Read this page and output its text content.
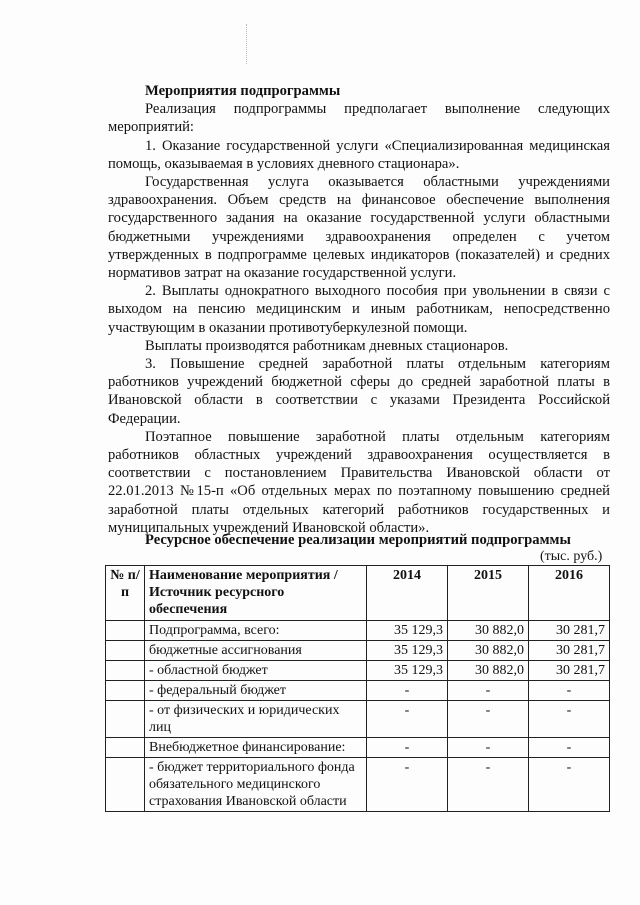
Мероприятия подпрограммы

Реализация подпрограммы предполагает выполнение следующих мероприятий:

1. Оказание государственной услуги «Специализированная медицинская помощь, оказываемая в условиях дневного стационара».

Государственная услуга оказывается областными учреждениями здравоохранения. Объем средств на финансовое обеспечение выполнения государственного задания на оказание государственной услуги областными бюджетными учреждениями здравоохранения определен с учетом утвержденных в подпрограмме целевых индикаторов (показателей) и средних нормативов затрат на оказание государственной услуги.

2. Выплаты однократного выходного пособия при увольнении в связи с выходом на пенсию медицинским и иным работникам, непосредственно участвующим в оказании противотуберкулезной помощи.

Выплаты производятся работникам дневных стационаров.

3. Повышение средней заработной платы отдельным категориям работников учреждений бюджетной сферы до средней заработной платы в Ивановской области в соответствии с указами Президента Российской Федерации.

Поэтапное повышение заработной платы отдельным категориям работников областных учреждений здравоохранения осуществляется в соответствии с постановлением Правительства Ивановской области от 22.01.2013 №15-п «Об отдельных мерах по поэтапному повышению средней заработной платы отдельных категорий работников государственных и муниципальных учреждений Ивановской области».

Ресурсное обеспечение реализации мероприятий подпрограммы
(тыс. руб.)
№ п/п	Наименование мероприятия / Источник ресурсного обеспечения	2014	2015	2016
	Подпрограмма, всего:	35 129,3	30 882,0	30 281,7
	бюджетные ассигнования	35 129,3	30 882,0	30 281,7
	- областной бюджет	35 129,3	30 882,0	30 281,7
	- федеральный бюджет	-	-	-
	- от физических и юридических лиц	-	-	-
	Внебюджетное финансирование:	-	-	-
	- бюджет территориального фонда обязательного медицинского страхования Ивановской области	-	-	-
